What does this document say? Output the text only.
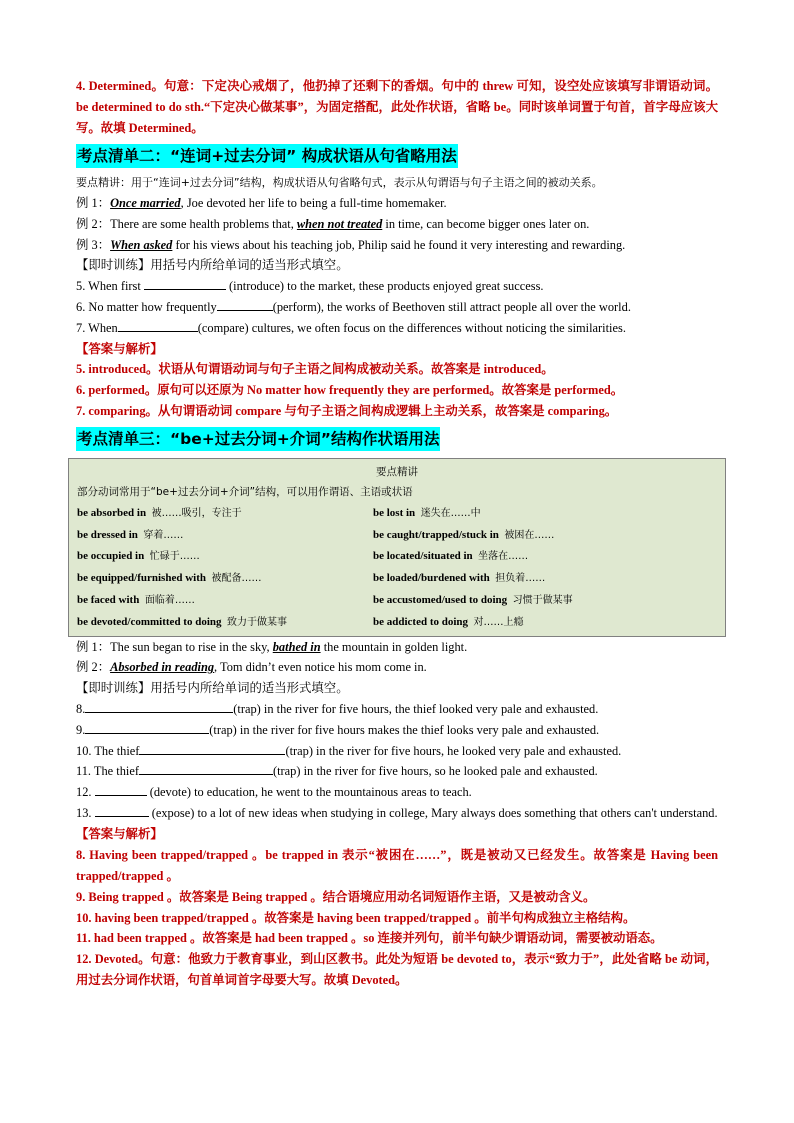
4. Determined。句意：下定决心戒烟了，他扔掉了还剩下的香烟。句中的 threw 可知，设空处应该填写非谓语动词。be determined to do sth.“下定决心做某事”，为固定搭配，此处作状语，省略 be。同时该单词置于句首，首字母应该大写。故填 Determined。

考点清单二：“连词+过去分词” 构成状语从句省略用法

要点精讲：用于“连词+过去分词”结构，构成状语从句省略句式，表示从句谓语与句子主语之间的被动关系。

例 1：Once married, Joe devoted her life to being a full-time homemaker.

例 2：There are some health problems that, when not treated in time, can become bigger ones later on.

例 3：When asked for his views about his teaching job, Philip said he found it very interesting and rewarding.

【即时训练】用括号内所给单词的适当形式填空。

5. When first	(introduce) to the market, these products enjoyed great success.

6. No matter how frequently	(perform), the works of Beethoven still attract people all over the world.

7. When	(compare) cultures, we often focus on the differences without noticing the similarities.

【答案与解析】

5. introduced。状语从句谓语动词与句子主语之间构成被动关系。故答案是 introduced。

6. performed。原句可以还原为 No matter how frequently they are performed。故答案是 performed。

7. comparing。从句谓语动词 compare 与句子主语之间构成逻辑上主动关系，故答案是 comparing。

考点清单三：“be+过去分词+介词”结构作状语用法

要点精讲

部分动词常用于“be+过去分词+介词”结构，可以用作谓语、主语或状语

be absorbed in 被……吸引，专注于	be lost in 迷失在……中
be dressed in 穿着……	be caught/trapped/stuck in 被困在……
be occupied in 忙碌于……	be located/situated in 坐落在……
be equipped/furnished with 被配备……	be loaded/burdened with 担负着……
be faced with 面临着……	be accustomed/used to doing 习惯于做某事
be devoted/committed to doing 致力于做某事	be addicted to doing 对……上瘾

例 1：The sun began to rise in the sky, bathed in the mountain in golden light.

例 2：Absorbed in reading, Tom didn’t even notice his mom come in.

【即时训练】用括号内所给单词的适当形式填空。

8.	(trap) in the river for five hours, the thief looked very pale and exhausted.

9.	(trap) in the river for five hours makes the thief looks very pale and exhausted.

10. The thief	(trap) in the river for five hours, he looked very pale and exhausted.

11. The thief	(trap) in the river for five hours, so he looked pale and exhausted.

12.	(devote) to education, he went to the mountainous areas to teach.

13.	(expose) to a lot of new ideas when studying in college, Mary always does something that others can't understand.

【答案与解析】

8. Having been trapped/trapped 。be trapped in 表示“被困在……”，既是被动又已经发生。故答案是 Having been trapped/trapped 。

9. Being trapped 。故答案是 Being trapped 。结合语境应用动名词短语作主语，又是被动含义。

10. having been trapped/trapped 。故答案是 having been trapped/trapped 。前半句构成独立主格结构。

11. had been trapped 。故答案是 had been trapped 。so 连接并列句，前半句缺少谓语动词，需要被动语态。

12. Devoted。句意：他致力于教育事业，到山区教书。此处为短语 be devoted to，表示“致力于”，此处省略 be 动词，用过去分词作状语，句首单词首字母要大写。故填 Devoted。
